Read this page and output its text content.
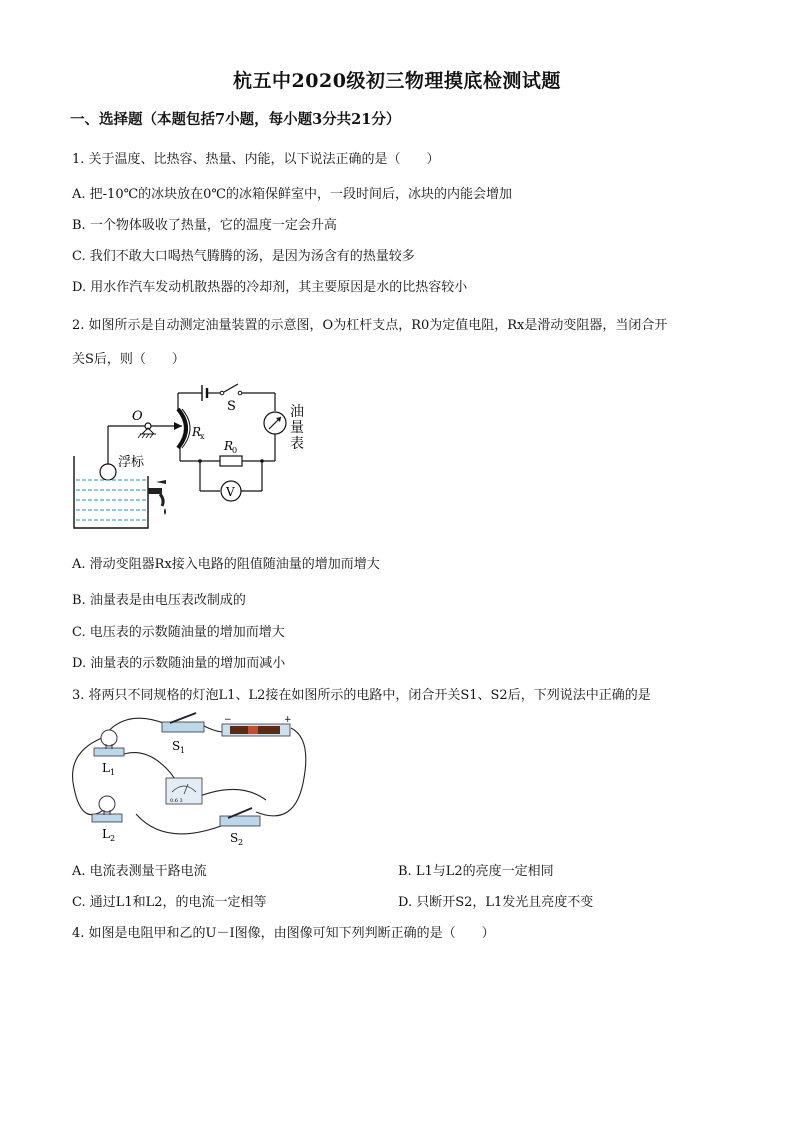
杭五中2020级初三物理摸底检测试题
一、选择题（本题包括7小题，每小题3分共21分）
1. 关于温度、比热容、热量、内能，以下说法正确的是（　　）
A. 把-10℃的冰块放在0℃的冰箱保鲜室中，一段时间后，冰块的内能会增加
B. 一个物体吸收了热量，它的温度一定会升高
C. 我们不敢大口喝热气腾腾的汤，是因为汤含有的热量较多
D. 用水作汽车发动机散热器的冷却剂，其主要原因是水的比热容较小
2. 如图所示是自动测定油量装置的示意图，O为杠杆支点，R0为定值电阻，Rx是滑动变阻器，当闭合开
关S后，则（　　）
S	油
量
表
O
R
x
R
0
V
浮标
A. 滑动变阻器Rx接入电路的阻值随油量的增加而增大
B. 油量表是由电压表改制成的
C. 电压表的示数随油量的增加而增大
D. 油量表的示数随油量的增加而减小
3. 将两只不同规格的灯泡L1、L2接在如图所示的电路中，闭合开关S1、S2后，下列说法中正确的是
S 1
−	+
L 1
0.6 3
L 2	S 2
A. 电流表测量干路电流	B. L1与L2的亮度一定相同
C. 通过L1和L2，的电流一定相等	D. 只断开S2，L1发光且亮度不变
4. 如图是电阻甲和乙的U－I图像，由图像可知下列判断正确的是（　　）
